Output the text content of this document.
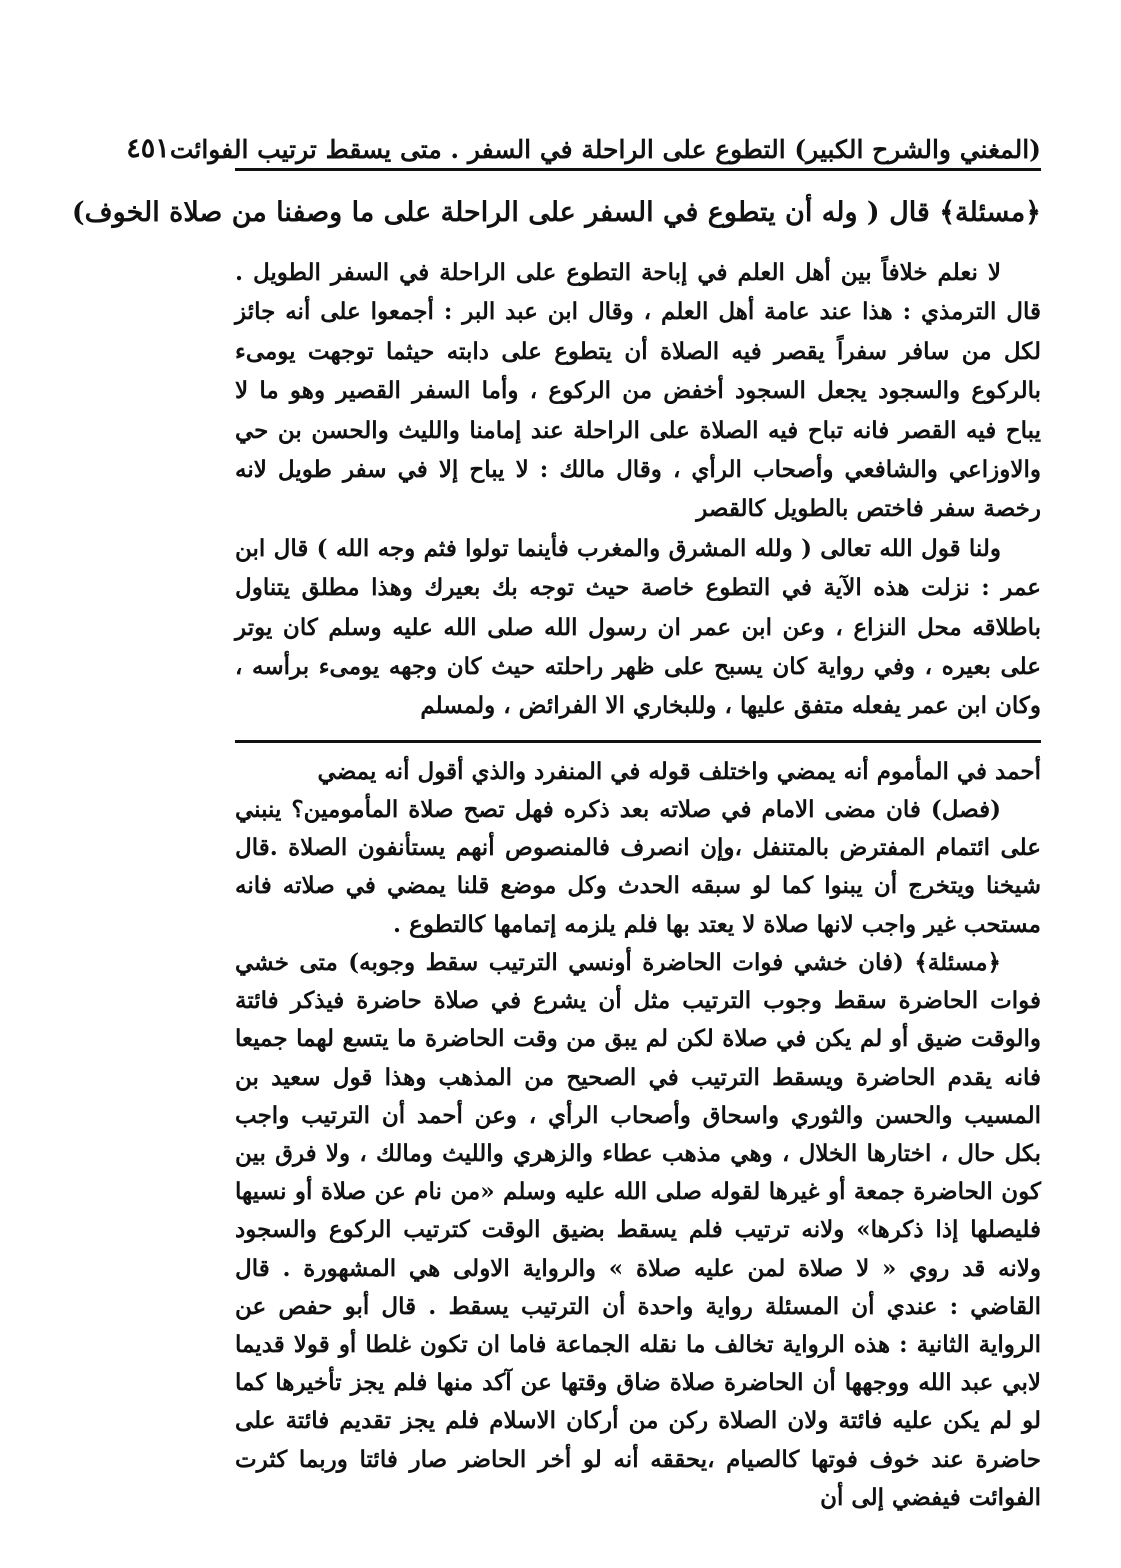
(المغني والشرح الكبير) التطوع على الراحلة في السفر . متى يسقط ترتيب الفوائت
٤٥١
﴿مسئلة﴾ قال ( وله أن يتطوع في السفر على الراحلة على ما وصفنا من صلاة الخوف)

لا نعلم خلافاً بين أهل العلم في إباحة التطوع على الراحلة في السفر الطويل . قال الترمذي : هذا عند عامة أهل العلم ، وقال ابن عبد البر : أجمعوا على أنه جائز لكل من سافر سفراً يقصر فيه الصلاة أن يتطوع على دابته حيثما توجهت يومىء بالركوع والسجود يجعل السجود أخفض من الركوع ، وأما السفر القصير وهو ما لا يباح فيه القصر فانه تباح فيه الصلاة على الراحلة عند إمامنا والليث والحسن بن حي والاوزاعي والشافعي وأصحاب الرأي ، وقال مالك : لا يباح إلا في سفر طويل لانه رخصة سفر فاختص بالطويل كالقصر

ولنا قول الله تعالى ( ولله المشرق والمغرب فأينما تولوا فثم وجه الله ) قال ابن عمر : نزلت هذه الآية في التطوع خاصة حيث توجه بك بعيرك وهذا مطلق يتناول باطلاقه محل النزاع ، وعن ابن عمر ان رسول الله صلى الله عليه وسلم كان يوتر على بعيره ، وفي رواية كان يسبح على ظهر راحلته حيث كان وجهه يومىء برأسه ، وكان ابن عمر يفعله متفق عليها ، وللبخاري الا الفرائض ، ولمسلم

أحمد في المأموم أنه يمضي واختلف قوله في المنفرد والذي أقول أنه يمضي

(فصل) فان مضى الامام في صلاته بعد ذكره فهل تصح صلاة المأمومين؟ ينبني على ائتمام المفترض بالمتنفل ،وإن انصرف فالمنصوص أنهم يستأنفون الصلاة .قال شيخنا ويتخرج أن يبنوا كما لو سبقه الحدث وكل موضع قلنا يمضي في صلاته فانه مستحب غير واجب لانها صلاة لا يعتد بها فلم يلزمه إتمامها كالتطوع .

﴿مسئلة﴾ (فان خشي فوات الحاضرة أونسي الترتيب سقط وجوبه) متى خشي فوات الحاضرة سقط وجوب الترتيب مثل أن يشرع في صلاة حاضرة فيذكر فائتة والوقت ضيق أو لم يكن في صلاة لكن لم يبق من وقت الحاضرة ما يتسع لهما جميعا فانه يقدم الحاضرة ويسقط الترتيب في الصحيح من المذهب وهذا قول سعيد بن المسيب والحسن والثوري واسحاق وأصحاب الرأي ، وعن أحمد أن الترتيب واجب بكل حال ، اختارها الخلال ، وهي مذهب عطاء والزهري والليث ومالك ، ولا فرق بين كون الحاضرة جمعة أو غيرها لقوله صلى الله عليه وسلم «من نام عن صلاة أو نسيها فليصلها إذا ذكرها» ولانه ترتيب فلم يسقط بضيق الوقت كترتيب الركوع والسجود ولانه قد روي « لا صلاة لمن عليه صلاة » والرواية الاولى هي المشهورة . قال القاضي : عندي أن المسئلة رواية واحدة أن الترتيب يسقط . قال أبو حفص عن الرواية الثانية : هذه الرواية تخالف ما نقله الجماعة فاما ان تكون غلطا أو قولا قديما لابي عبد الله ووجهها أن الحاضرة صلاة ضاق وقتها عن آكد منها فلم يجز تأخيرها كما لو لم يكن عليه فائتة ولان الصلاة ركن من أركان الاسلام فلم يجز تقديم فائتة على حاضرة عند خوف فوتها كالصيام ،يحققه أنه لو أخر الحاضر صار فائتا وربما كثرت الفوائت فيفضي إلى أن
